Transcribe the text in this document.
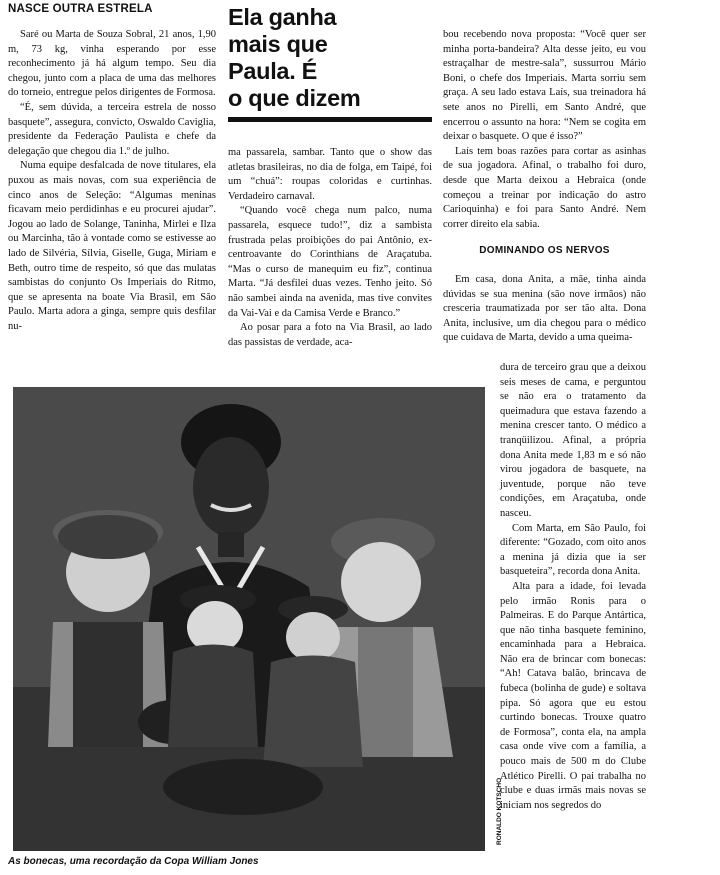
NASCE OUTRA ESTRELA	Ela ganha
mais que
Paula. É
o que dizem

Saré ou Marta de Souza Sobral, 21 anos, 1,90 m, 73 kg, vinha esperando por esse reconhecimento já há algum tempo. Seu dia chegou, junto com a placa de uma das melhores do torneio, entregue pelos dirigentes de Formosa.

“É, sem dúvida, a terceira estrela de nosso basquete”, assegura, convicto, Oswaldo Caviglia, presidente da Federação Paulista e chefe da delegação que chegou dia 1.º de julho.

Numa equipe desfalcada de nove titulares, ela puxou as mais novas, com sua experiência de cinco anos de Seleção: “Algumas meninas ficavam meio perdidinhas e eu procurei ajudar”. Jogou ao lado de Solange, Taninha, Mirlei e Ilza ou Marcinha, tão à vontade como se estivesse ao lado de Silvéria, Sílvia, Giselle, Guga, Miriam e Beth, outro time de respeito, só que das mulatas sambistas do conjunto Os Imperiais do Ritmo, que se apresenta na boate Via Brasil, em São Paulo. Marta adora a ginga, sempre quis desfilar nu-

ma passarela, sambar. Tanto que o show das atletas brasileiras, no dia de folga, em Taipé, foi um “chuá”: roupas coloridas e curtinhas. Verdadeiro carnaval.

“Quando você chega num palco, numa passarela, esquece tudo!”, diz a sambista frustrada pelas proibições do pai Antônio, ex-centroavante do Corinthians de Araçatuba. “Mas o curso de manequim eu fiz”, continua Marta. “Já desfilei duas vezes. Tenho jeito. Só não sambei ainda na avenida, mas tive convites da Vai-Vai e da Camisa Verde e Branco.”

Ao posar para a foto na Via Brasil, ao lado das passistas de verdade, aca-

bou recebendo nova proposta: “Você quer ser minha porta-bandeira? Alta desse jeito, eu vou estraçalhar de mestre-sala”, sussurrou Mário Boni, o chefe dos Imperiais. Marta sorriu sem graça. A seu lado estava Laís, sua treinadora há sete anos no Pirelli, em Santo André, que encerrou o assunto na hora: “Nem se cogita em deixar o basquete. O que é isso?”

Laís tem boas razões para cortar as asinhas de sua jogadora. Afinal, o trabalho foi duro, desde que Marta deixou a Hebraica (onde começou a treinar por indicação do astro Carioquinha) e foi para Santo André. Nem correr direito ela sabia.

DOMINANDO OS NERVOS

Em casa, dona Anita, a mãe, tinha ainda dúvidas se sua menina (são nove irmãos) não cresceria traumatizada por ser tão alta. Dona Anita, inclusive, um dia chegou para o médico que cuidava de Marta, devido a uma queima-

RONALDO KOTSCHO
As bonecas, uma recordação da Copa William Jones

dura de terceiro grau que a deixou seis meses de cama, e perguntou se não era o tratamento da queimadura que estava fazendo a menina crescer tanto. O médico a tranqüilizou. Afinal, a própria dona Anita mede 1,83 m e só não virou jogadora de basquete, na juventude, porque não teve condições, em Araçatuba, onde nasceu.

Com Marta, em São Paulo, foi diferente: “Gozado, com oito anos a menina já dizia que ia ser basqueteira”, recorda dona Anita.

Alta para a idade, foi levada pelo irmão Ronis para o Palmeiras. E do Parque Antártica, que não tinha basquete feminino, encaminhada para a Hebraica. Não era de brincar com bonecas: “Ah! Catava balão, brincava de fubeca (bolinha de gude) e soltava pipa. Só agora que eu estou curtindo bonecas. Trouxe quatro de Formosa”, conta ela, na ampla casa onde vive com a família, a pouco mais de 500 m do Clube Atlético Pirelli. O pai trabalha no clube e duas irmãs mais novas se iniciam nos segredos do
